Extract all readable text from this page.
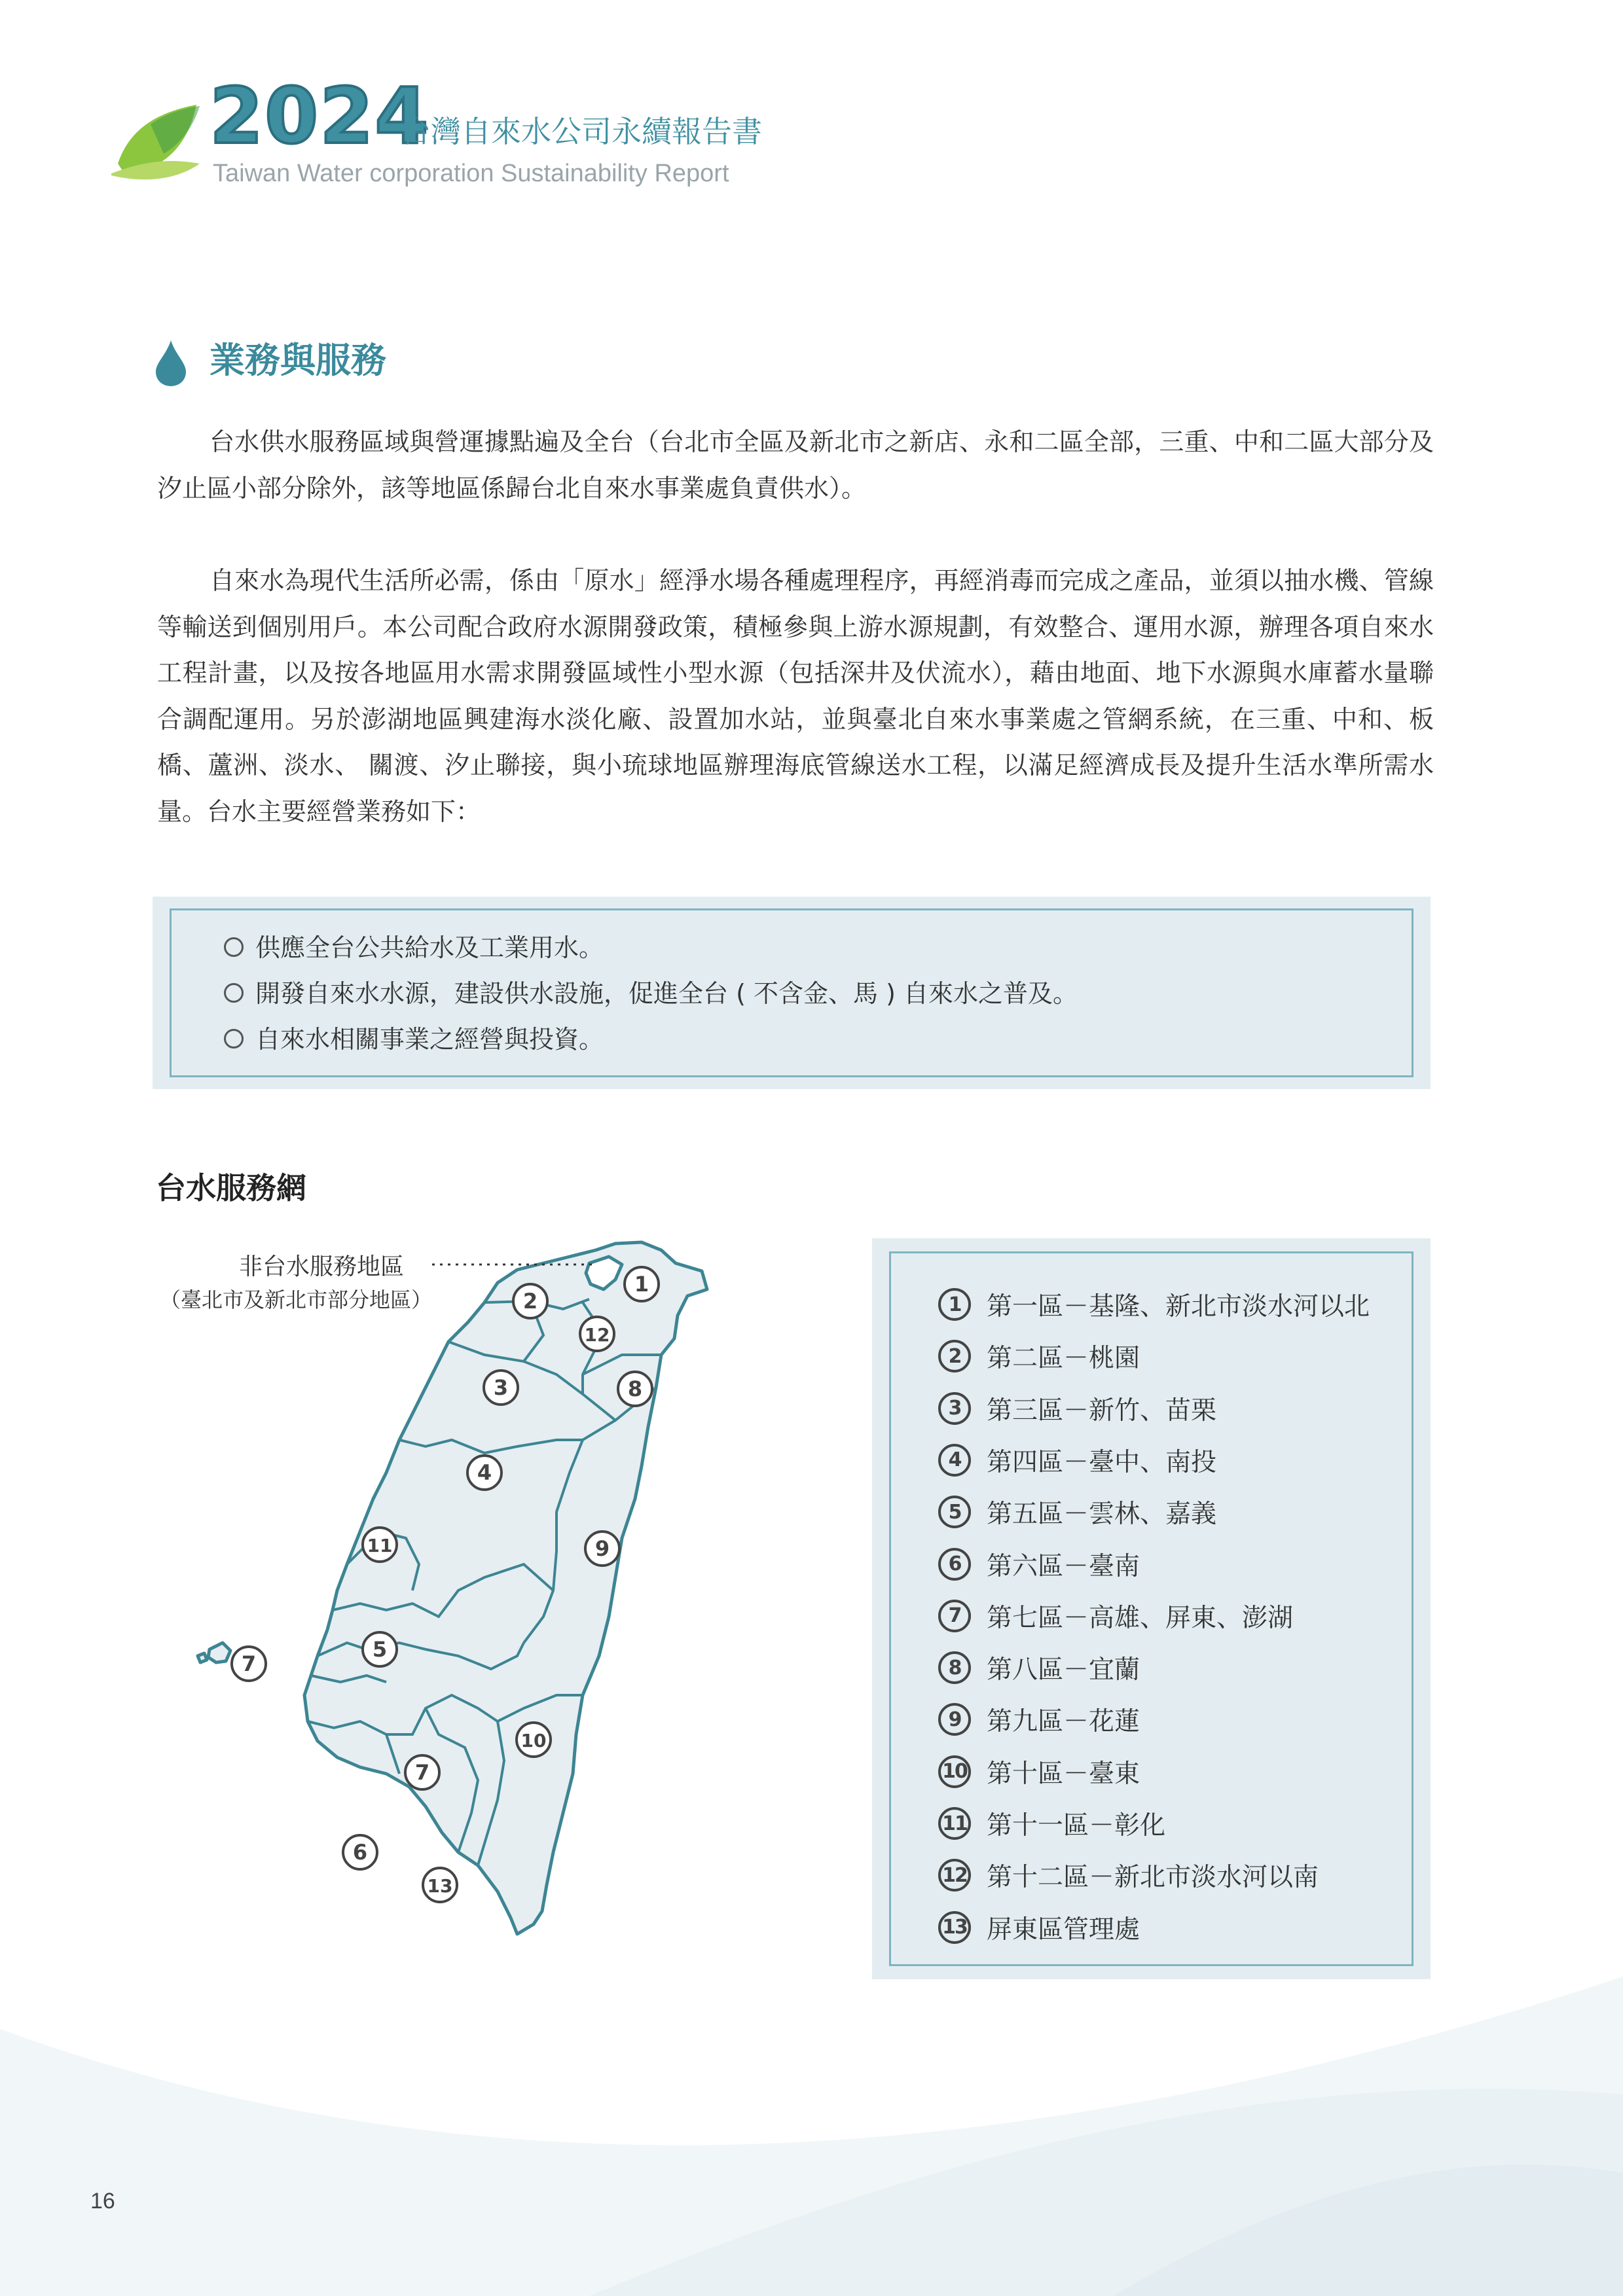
2024
台灣自來水公司永續報告書
Taiwan Water corporation Sustainability Report
業務與服務

台水供水服務區域與營運據點遍及全台（台北市全區及新北市之新店、永和二區全部，三重、中和二區大部分及汐止區小部分除外，該等地區係歸台北自來水事業處負責供水）。

自來水為現代生活所必需，係由「原水」經淨水場各種處理程序，再經消毒而完成之產品，並須以抽水機、管線等輸送到個別用戶。本公司配合政府水源開發政策，積極參與上游水源規劃，有效整合、運用水源，辦理各項自來水工程計畫，以及按各地區用水需求開發區域性小型水源（包括深井及伏流水），藉由地面、地下水源與水庫蓄水量聯合調配運用。另於澎湖地區興建海水淡化廠、設置加水站，並與臺北自來水事業處之管網系統，在三重、中和、板橋、蘆洲、淡水、 關渡、汐止聯接，與小琉球地區辦理海底管線送水工程，以滿足經濟成長及提升生活水準所需水量。台水主要經營業務如下：

供應全台公共給水及工業用水。
開發自來水水源，建設供水設施，促進全台 ( 不含金、馬 ) 自來水之普及。
自來水相關事業之經營與投資。
台水服務網
1
2
3
4
5
6
7
7
8
9
10
11
12
13
非台水服務地區
（臺北市及新北市部分地區）	1	第一區－基隆、新北市淡水河以北
2	第二區－桃園
3	第三區－新竹、苗栗
4	第四區－臺中、南投
5	第五區－雲林、嘉義
6	第六區－臺南
7	第七區－高雄、屏東、澎湖
8	第八區－宜蘭
9	第九區－花蓮
10 第十區－臺東
11 第十一區－彰化
12 第十二區－新北市淡水河以南
13 屏東區管理處
16
